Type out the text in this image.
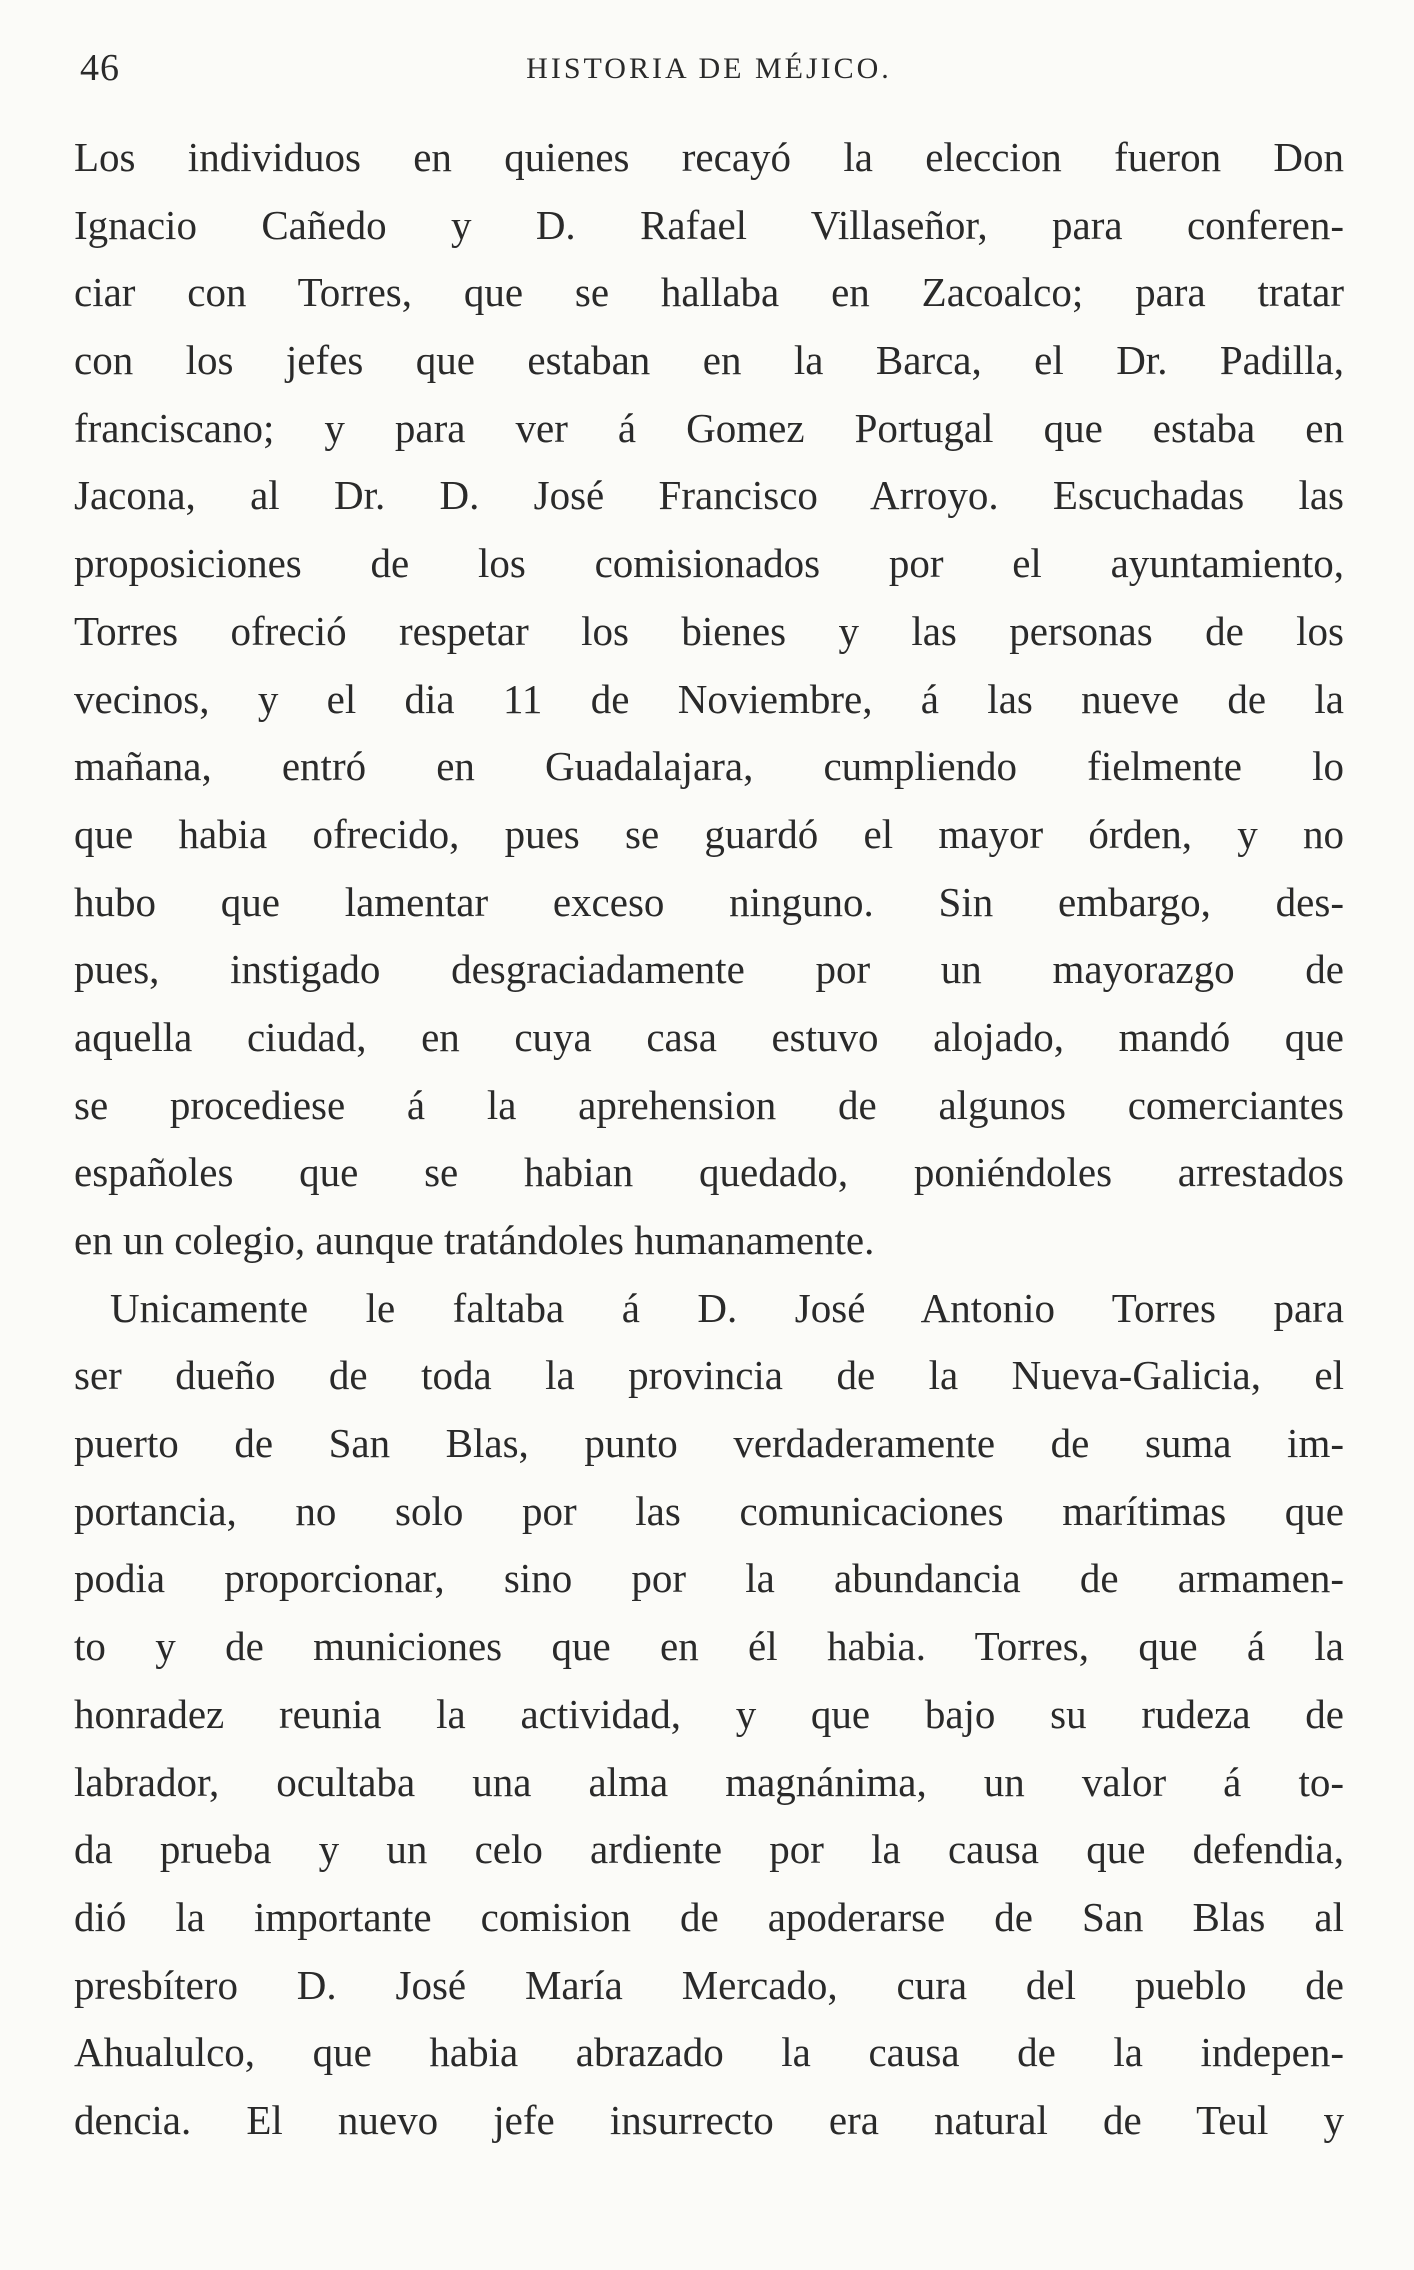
46	HISTORIA DE MÉJICO.
Los individuos en quienes recayó la eleccion fueron Don
Ignacio Cañedo y D. Rafael Villaseñor, para conferen-
ciar con Torres, que se hallaba en Zacoalco; para tratar
con los jefes que estaban en la Barca, el Dr. Padilla,
franciscano; y para ver á Gomez Portugal que estaba en
Jacona, al Dr. D. José Francisco Arroyo. Escuchadas las
proposiciones de los comisionados por el ayuntamiento,
Torres ofreció respetar los bienes y las personas de los
vecinos, y el dia 11 de Noviembre, á las nueve de la
mañana, entró en Guadalajara, cumpliendo fielmente lo
que habia ofrecido, pues se guardó el mayor órden, y no
hubo que lamentar exceso ninguno. Sin embargo, des-
pues, instigado desgraciadamente por un mayorazgo de
aquella ciudad, en cuya casa estuvo alojado, mandó que
se procediese á la aprehension de algunos comerciantes
españoles que se habian quedado, poniéndoles arrestados
en un colegio, aunque tratándoles humanamente.
Unicamente le faltaba á D. José Antonio Torres para
ser dueño de toda la provincia de la Nueva-Galicia, el
puerto de San Blas, punto verdaderamente de suma im-
portancia, no solo por las comunicaciones marítimas que
podia proporcionar, sino por la abundancia de armamen-
to y de municiones que en él habia. Torres, que á la
honradez reunia la actividad, y que bajo su rudeza de
labrador, ocultaba una alma magnánima, un valor á to-
da prueba y un celo ardiente por la causa que defendia,
dió la importante comision de apoderarse de San Blas al
presbítero D. José María Mercado, cura del pueblo de
Ahualulco, que habia abrazado la causa de la indepen-
dencia. El nuevo jefe insurrecto era natural de Teul y
